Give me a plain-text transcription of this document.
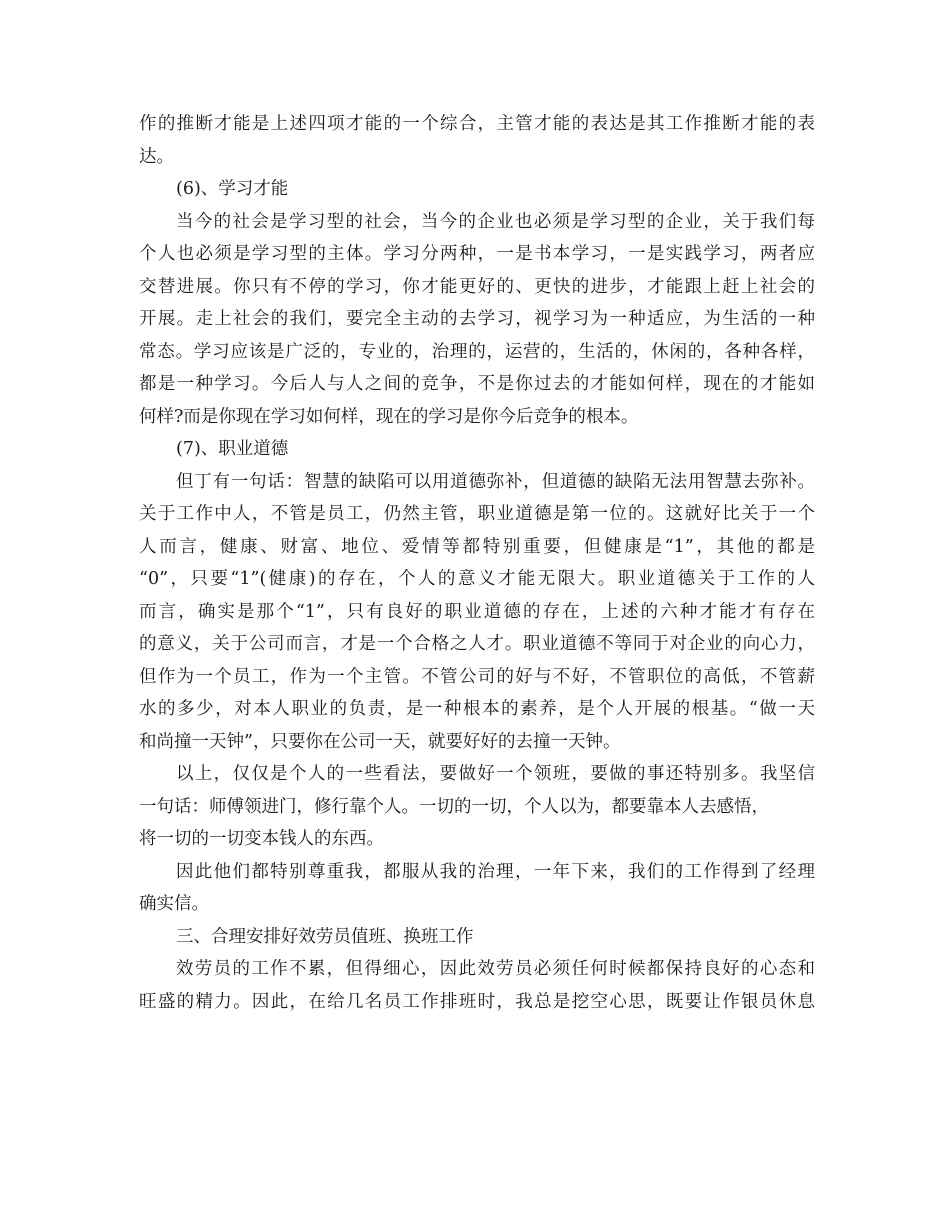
作的推断才能是上述四项才能的一个综合，主管才能的表达是其工作推断才能的表
达。
(6)、学习才能
当今的社会是学习型的社会，当今的企业也必须是学习型的企业，关于我们每
个人也必须是学习型的主体。学习分两种，一是书本学习，一是实践学习，两者应
交替进展。你只有不停的学习，你才能更好的、更快的进步，才能跟上赶上社会的
开展。走上社会的我们，要完全主动的去学习，视学习为一种适应，为生活的一种
常态。学习应该是广泛的，专业的，治理的，运营的，生活的，休闲的，各种各样，
都是一种学习。今后人与人之间的竞争，不是你过去的才能如何样，现在的才能如
何样?而是你现在学习如何样，现在的学习是你今后竞争的根本。
(7)、职业道德
但丁有一句话：智慧的缺陷可以用道德弥补，但道德的缺陷无法用智慧去弥补。
关于工作中人，不管是员工，仍然主管，职业道德是第一位的。这就好比关于一个
人而言，健康、财富、地位、爱情等都特别重要，但健康是“1”，其他的都是
“0”，只要“1”(健康)的存在，个人的意义才能无限大。职业道德关于工作的人
而言，确实是那个“1”，只有良好的职业道德的存在，上述的六种才能才有存在
的意义，关于公司而言，才是一个合格之人才。职业道德不等同于对企业的向心力，
但作为一个员工，作为一个主管。不管公司的好与不好，不管职位的高低，不管薪
水的多少，对本人职业的负责，是一种根本的素养，是个人开展的根基。“做一天
和尚撞一天钟”，只要你在公司一天，就要好好的去撞一天钟。
以上，仅仅是个人的一些看法，要做好一个领班，要做的事还特别多。我坚信
一句话：师傅领进门，修行靠个人。一切的一切，个人以为，都要靠本人去感悟，
将一切的一切变本钱人的东西。
因此他们都特别尊重我，都服从我的治理，一年下来，我们的工作得到了经理
确实信。
三、合理安排好效劳员值班、换班工作
效劳员的工作不累，但得细心，因此效劳员必须任何时候都保持良好的心态和
旺盛的精力。因此，在给几名员工作排班时，我总是挖空心思，既要让作银员休息
